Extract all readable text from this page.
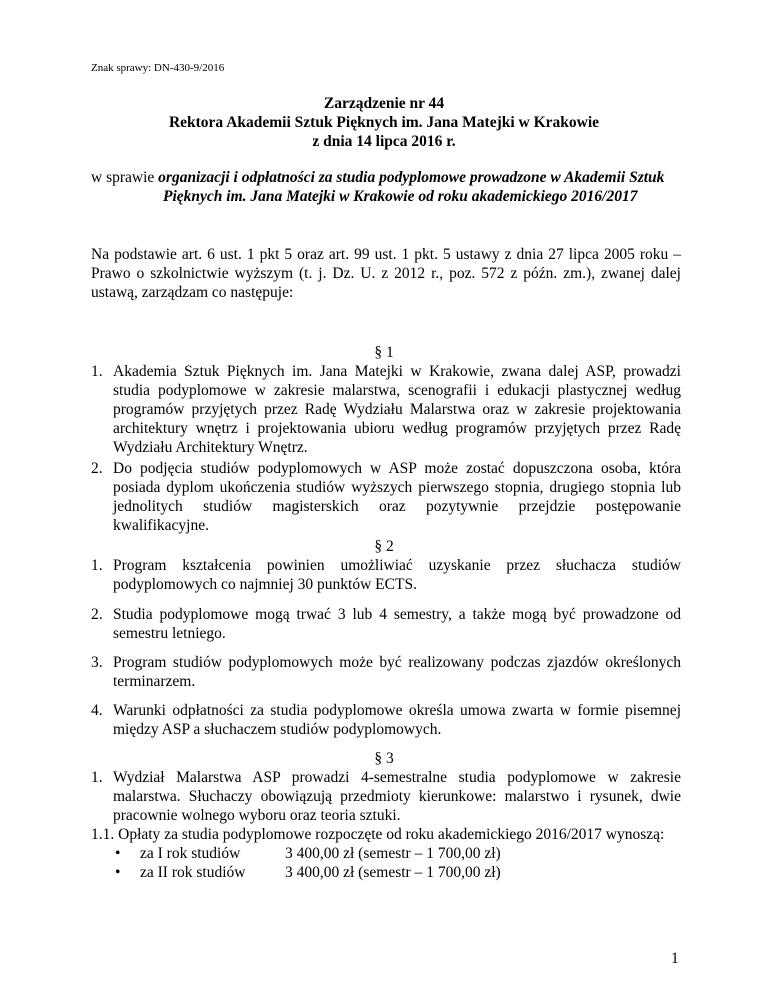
Znak sprawy: DN-430-9/2016
Zarządzenie nr 44
Rektora Akademii Sztuk Pięknych im. Jana Matejki w Krakowie
z dnia 14 lipca 2016 r.
w sprawie organizacji i odpłatności za studia podyplomowe prowadzone w Akademii Sztuk
Pięknych im. Jana Matejki w Krakowie od roku akademickiego 2016/2017
Na podstawie art. 6 ust. 1 pkt 5 oraz art. 99 ust. 1 pkt. 5 ustawy z dnia 27 lipca 2005 roku –
Prawo o szkolnictwie wyższym (t. j. Dz. U. z 2012 r., poz. 572 z późn. zm.), zwanej dalej
ustawą, zarządzam co następuje:
§ 1
1. Akademia Sztuk Pięknych im. Jana Matejki w Krakowie, zwana dalej ASP, prowadzi
studia podyplomowe w zakresie malarstwa, scenografii i edukacji plastycznej według
programów przyjętych przez Radę Wydziału Malarstwa oraz w zakresie projektowania
architektury wnętrz i projektowania ubioru według programów przyjętych przez Radę
Wydziału Architektury Wnętrz.
2. Do podjęcia studiów podyplomowych w ASP może zostać dopuszczona osoba, która
posiada dyplom ukończenia studiów wyższych pierwszego stopnia, drugiego stopnia lub
jednolitych studiów magisterskich oraz pozytywnie przejdzie postępowanie
kwalifikacyjne.
§ 2
1. Program kształcenia powinien umożliwiać uzyskanie przez słuchacza studiów
podyplomowych co najmniej 30 punktów ECTS.
2. Studia podyplomowe mogą trwać 3 lub 4 semestry, a także mogą być prowadzone od
semestru letniego.
3. Program studiów podyplomowych może być realizowany podczas zjazdów określonych
terminarzem.
4. Warunki odpłatności za studia podyplomowe określa umowa zwarta w formie pisemnej
między ASP a słuchaczem studiów podyplomowych.
§ 3
1. Wydział Malarstwa ASP prowadzi 4-semestralne studia podyplomowe w zakresie
malarstwa. Słuchaczy obowiązują przedmioty kierunkowe: malarstwo i rysunek, dwie
pracownie wolnego wyboru oraz teoria sztuki.
1.1. Opłaty za studia podyplomowe rozpoczęte od roku akademickiego 2016/2017 wynoszą:
• za I rok studiów	3 400,00 zł (semestr – 1 700,00 zł)
• za II rok studiów	3 400,00 zł (semestr – 1 700,00 zł)
1
